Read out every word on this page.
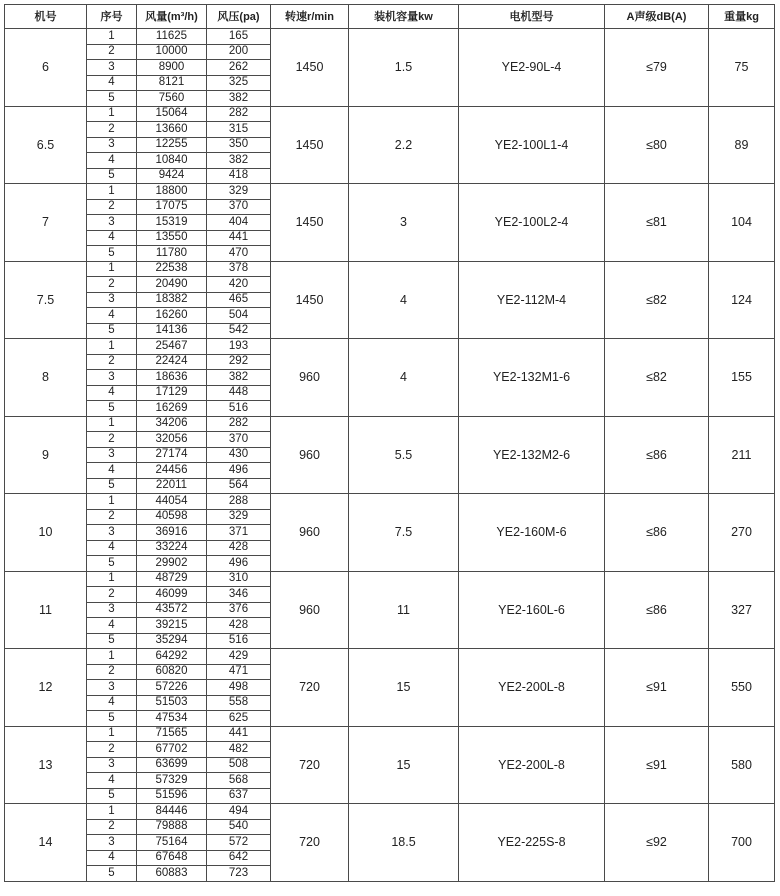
机号	序号	风量(m³/h)	风压(pa)	转速r/min	装机容量kw	电机型号	A声级dB(A)	重量kg
6	1	11625	165	1450	1.5	YE2-90L-4	≤79	75
	2	10000	200					
	3	8900	262					
	4	8121	325					
	5	7560	382					
6.5	1	15064	282	1450	2.2	YE2-100L1-4	≤80	89
	2	13660	315					
	3	12255	350					
	4	10840	382					
	5	9424	418					
7	1	18800	329	1450	3	YE2-100L2-4	≤81	104
	2	17075	370					
	3	15319	404					
	4	13550	441					
	5	11780	470					
7.5	1	22538	378	1450	4	YE2-112M-4	≤82	124
	2	20490	420					
	3	18382	465					
	4	16260	504					
	5	14136	542					
8	1	25467	193	960	4	YE2-132M1-6	≤82	155
	2	22424	292					
	3	18636	382					
	4	17129	448					
	5	16269	516					
9	1	34206	282	960	5.5	YE2-132M2-6	≤86	211
	2	32056	370					
	3	27174	430					
	4	24456	496					
	5	22011	564					
10	1	44054	288	960	7.5	YE2-160M-6	≤86	270
	2	40598	329					
	3	36916	371					
	4	33224	428					
	5	29902	496					
11	1	48729	310	960	11	YE2-160L-6	≤86	327
	2	46099	346					
	3	43572	376					
	4	39215	428					
	5	35294	516					
12	1	64292	429	720	15	YE2-200L-8	≤91	550
	2	60820	471					
	3	57226	498					
	4	51503	558					
	5	47534	625					
13	1	71565	441	720	15	YE2-200L-8	≤91	580
	2	67702	482					
	3	63699	508					
	4	57329	568					
	5	51596	637					
14	1	84446	494	720	18.5	YE2-225S-8	≤92	700
	2	79888	540					
	3	75164	572					
	4	67648	642					
	5	60883	723					
